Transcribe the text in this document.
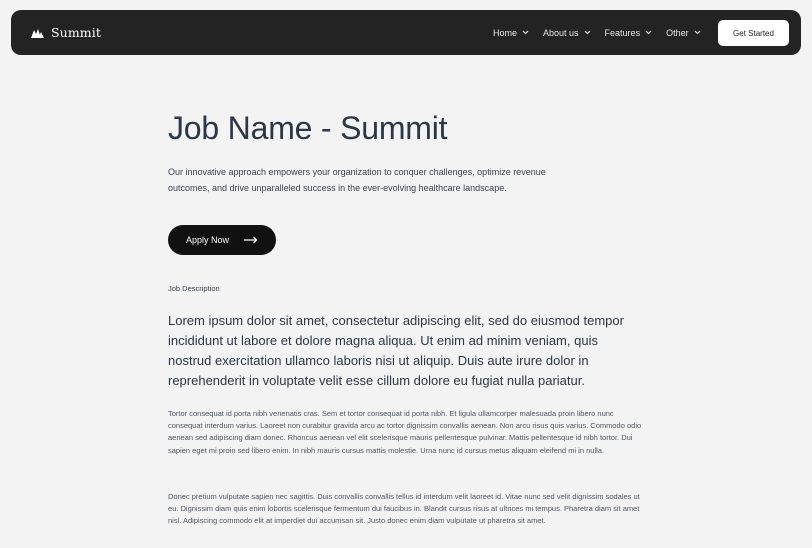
Summit	Home	About us	Features	Other	Get Started
Job Name - Summit

Our innovative approach empowers your organization to conquer challenges, optimize revenue outcomes, and drive unparalleled success in the ever-evolving healthcare landscape.

Apply Now
Job Description

Lorem ipsum dolor sit amet, consectetur adipiscing elit, sed do eiusmod tempor incididunt ut labore et dolore magna aliqua. Ut enim ad minim veniam, quis nostrud exercitation ullamco laboris nisi ut aliquip. Duis aute irure dolor in reprehenderit in voluptate velit esse cillum dolore eu fugiat nulla pariatur.

Tortor consequat id porta nibh venenatis cras. Sem et tortor consequat id porta nibh. Et ligula ullamcorper malesuada proin libero nunc consequat interdum varius. Laoreet non curabitur gravida arcu ac tortor dignissim convallis aenean. Non arcu risus quis varius. Commodo odio aenean sed adipiscing diam donec. Rhoncus aenean vel elit scelerisque mauris pellentesque pulvinar. Mattis pellentesque id nibh tortor. Dui sapien eget mi proin sed libero enim. In nibh mauris cursus mattis molestie. Urna nunc id cursus metus aliquam eleifend mi in nulla.

Donec pretium vulputate sapien nec sagittis. Duis convallis convallis tellus id interdum velit laoreet id. Vitae nunc sed velit dignissim sodales ut eu. Dignissim diam quis enim lobortis scelerisque fermentum dui faucibus in. Blandit cursus risus at ultrices mi tempus. Pharetra diam sit amet nisl. Adipiscing commodo elit at imperdiet dui accumsan sit. Justo donec enim diam vulputate ut pharetra sit amet.
